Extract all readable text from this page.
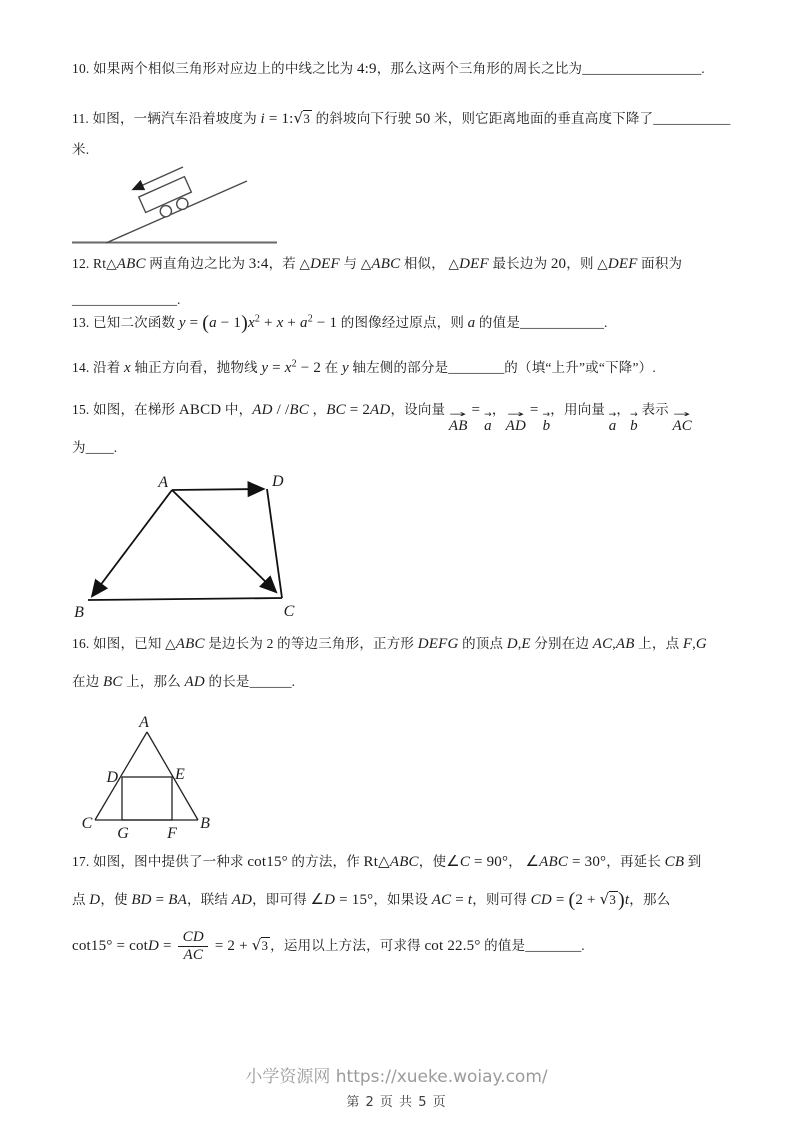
10. 如果两个相似三角形对应边上的中线之比为 4:9，那么这两个三角形的周长之比为_________________.
11. 如图，一辆汽车沿着坡度为 i = 1:√3 的斜坡向下行驶 50 米，则它距离地面的垂直高度下降了___________
米.
12. Rt△ABC 两直角边之比为 3:4，若 △DEF 与 △ABC 相似， △DEF 最长边为 20，则 △DEF 面积为
_______________.
13. 已知二次函数 $y = (a - 1)x^2 + x + a^2 - 1$ 的图像经过原点，则 a 的值是____________.
14. 沿着 x 轴正方向看，抛物线 $y = x^2 - 2$ 在 y 轴左侧的部分是________的（填“上升”或“下降”）.
15. 如图，在梯形 ABCD 中，AD / /BC ，BC = 2AD，设向量 →
AB
= →
a
， →
AD
= →
b
，用向量 →
a
， →
b
表示 →
AC
为____.
A	D
B	C
16. 如图，已知 △ABC 是边长为 2 的等边三角形，正方形 DEFG 的顶点 D,E 分别在边 AC,AB 上，点 F,G
在边 BC 上，那么 AD 的长是______.
A
D	E
C	B
G F
17. 如图，图中提供了一种求 cot15° 的方法，作 Rt△ABC，使∠C = 90°， ∠ABC = 30°，再延长 CB 到
点 D，使 BD = BA，联结 AD，即可得 ∠D = 15°，如果设 AC = t，则可得 CD = (2 + √3 )t，那么
$\cot 15^\circ = \cot D = \frac{CD}{AC} = 2 + √3$ ，运用以上方法，可求得 cot 22.5° 的值是________.
小学资源网 https://xueke.woiay.com/
第 2 页 共 5 页
